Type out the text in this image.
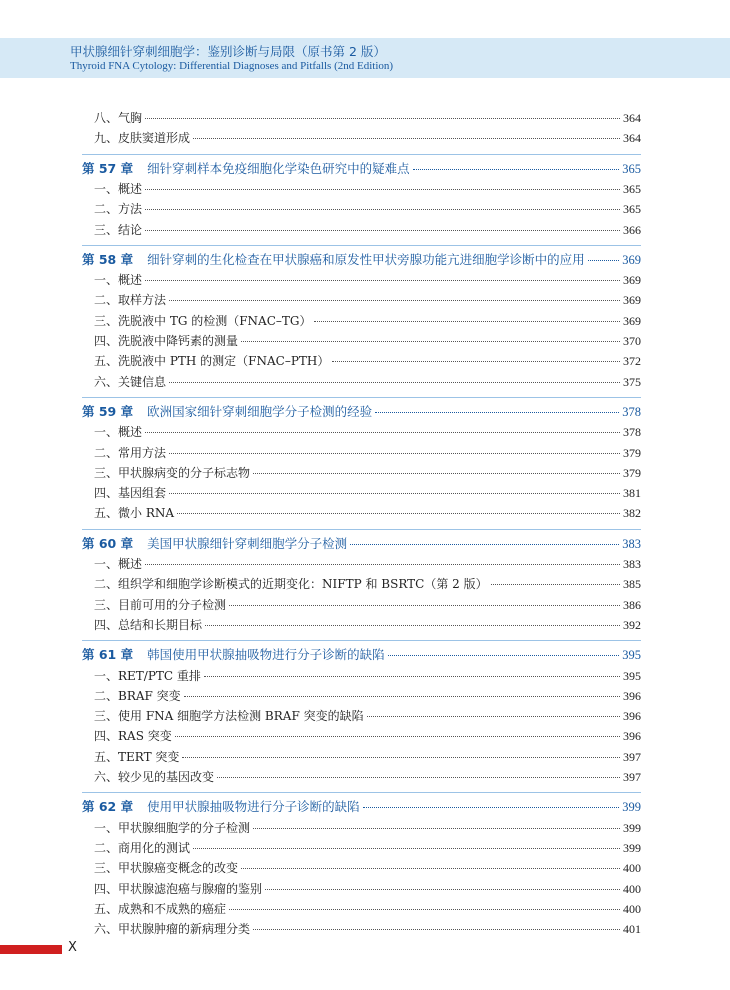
甲状腺细针穿刺细胞学：鉴别诊断与局限（原书第 2 版）
Thyroid FNA Cytology: Differential Diagnoses and Pitfalls (2nd Edition)
八、气胸	364
九、皮肤窦道形成	364
第 57 章 细针穿刺样本免疫细胞化学染色研究中的疑难点	365
一、概述	365
二、方法	365
三、结论	366
第 58 章 细针穿刺的生化检查在甲状腺癌和原发性甲状旁腺功能亢进细胞学诊断中的应用	369
一、概述	369
二、取样方法	369
三、洗脱液中 TG 的检测（FNAC–TG）	369
四、洗脱液中降钙素的测量	370
五、洗脱液中 PTH 的测定（FNAC–PTH）	372
六、关键信息	375
第 59 章 欧洲国家细针穿刺细胞学分子检测的经验	378
一、概述	378
二、常用方法	379
三、甲状腺病变的分子标志物	379
四、基因组套	381
五、微小 RNA	382
第 60 章 美国甲状腺细针穿刺细胞学分子检测	383
一、概述	383
二、组织学和细胞学诊断模式的近期变化：NIFTP 和 BSRTC（第 2 版）	385
三、目前可用的分子检测	386
四、总结和长期目标	392
第 61 章 韩国使用甲状腺抽吸物进行分子诊断的缺陷	395
一、RET/PTC 重排	395
二、BRAF 突变	396
三、使用 FNA 细胞学方法检测 BRAF 突变的缺陷	396
四、RAS 突变	396
五、TERT 突变	397
六、较少见的基因改变	397
第 62 章 使用甲状腺抽吸物进行分子诊断的缺陷	399
一、甲状腺细胞学的分子检测	399
二、商用化的测试	399
三、甲状腺癌变概念的改变	400
四、甲状腺滤泡癌与腺瘤的鉴别	400
五、成熟和不成熟的癌症	400
六、甲状腺肿瘤的新病理分类	401
X
